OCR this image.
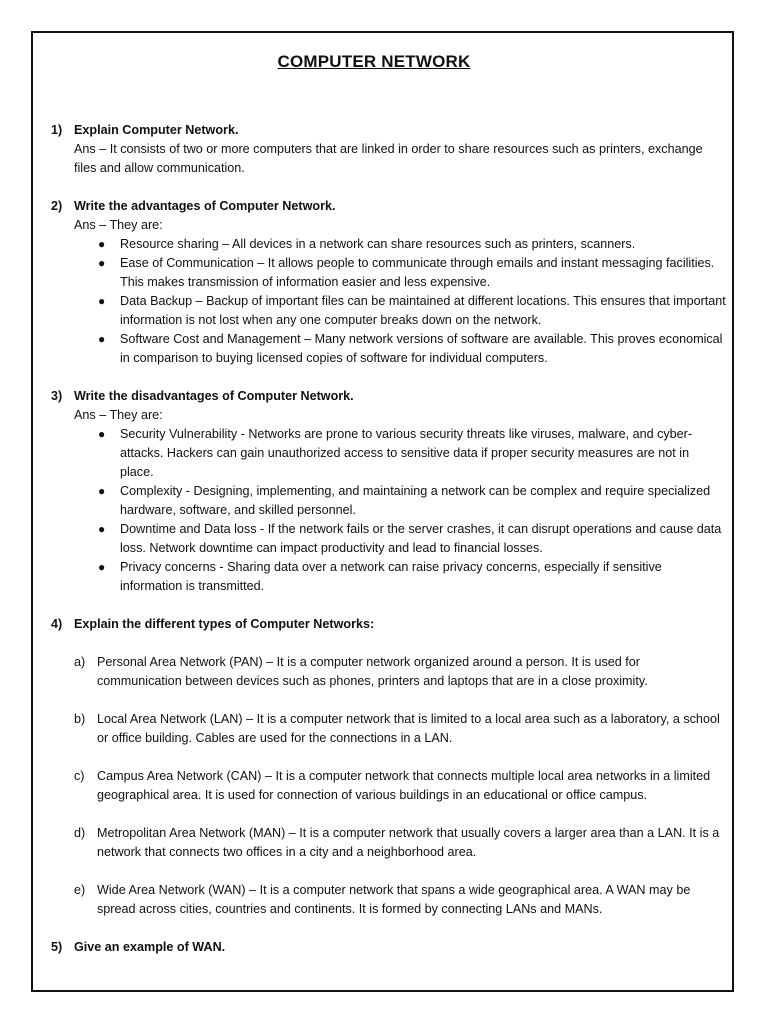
COMPUTER NETWORK
1) Explain Computer Network.
Ans – It consists of two or more computers that are linked in order to share resources such as printers, exchange files and allow communication.
2) Write the advantages of Computer Network.
Ans – They are:
● Resource sharing – All devices in a network can share resources such as printers, scanners.
● Ease of Communication – It allows people to communicate through emails and instant messaging facilities. This makes transmission of information easier and less expensive.
● Data Backup – Backup of important files can be maintained at different locations. This ensures that important information is not lost when any one computer breaks down on the network.
● Software Cost and Management – Many network versions of software are available. This proves economical in comparison to buying licensed copies of software for individual computers.
3) Write the disadvantages of Computer Network.
Ans – They are:
● Security Vulnerability - Networks are prone to various security threats like viruses, malware, and cyber-attacks. Hackers can gain unauthorized access to sensitive data if proper security measures are not in place.
● Complexity - Designing, implementing, and maintaining a network can be complex and require specialized hardware, software, and skilled personnel.
● Downtime and Data loss - If the network fails or the server crashes, it can disrupt operations and cause data loss. Network downtime can impact productivity and lead to financial losses.
● Privacy concerns - Sharing data over a network can raise privacy concerns, especially if sensitive information is transmitted.
4) Explain the different types of Computer Networks:
a) Personal Area Network (PAN) – It is a computer network organized around a person. It is used for communication between devices such as phones, printers and laptops that are in a close proximity.
b) Local Area Network (LAN) – It is a computer network that is limited to a local area such as a laboratory, a school or office building. Cables are used for the connections in a LAN.
c) Campus Area Network (CAN) – It is a computer network that connects multiple local area networks in a limited geographical area. It is used for connection of various buildings in an educational or office campus.
d) Metropolitan Area Network (MAN) – It is a computer network that usually covers a larger area than a LAN. It is a network that connects two offices in a city and a neighborhood area.
e) Wide Area Network (WAN) – It is a computer network that spans a wide geographical area. A WAN may be spread across cities, countries and continents. It is formed by connecting LANs and MANs.
5) Give an example of WAN.
